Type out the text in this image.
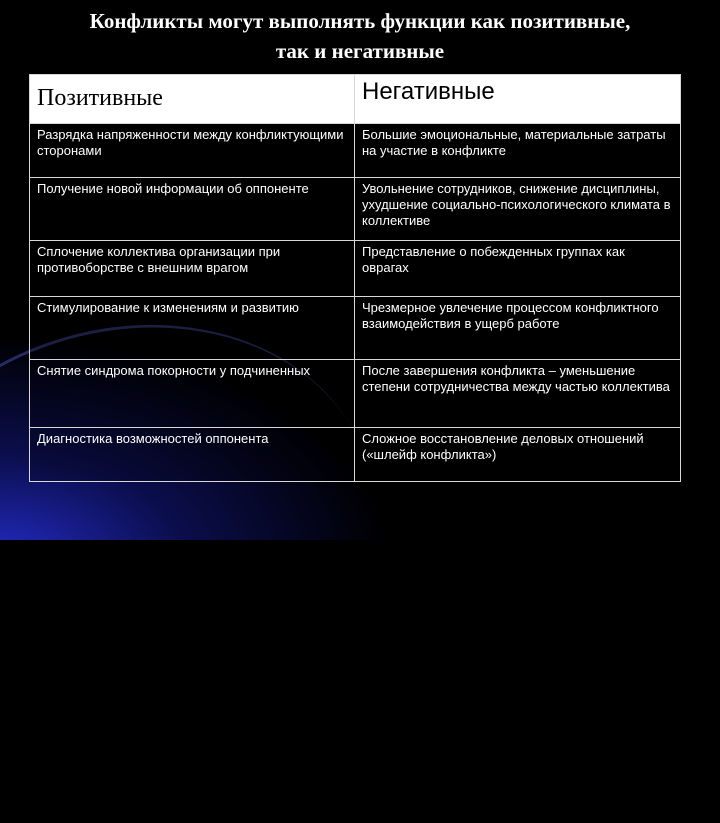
Конфликты могут выполнять функции как позитивные,
так и негативные
Позитивные	Негативные
Разрядка напряженности между конфликтующими сторонами	Большие эмоциональные, материальные затраты на участие в конфликте
Получение новой информации об оппоненте	Увольнение сотрудников, снижение дисциплины, ухудшение социально-психологического климата в коллективе
Сплочение коллектива организации при противоборстве с внешним врагом	Представление о побежденных группах как оврагах
Стимулирование к изменениям и развитию	Чрезмерное увлечение процессом конфликтного взаимодействия в ущерб работе
Снятие синдрома покорности у подчиненных	После завершения конфликта – уменьшение степени сотрудничества между частью коллектива
Диагностика возможностей оппонента	Сложное восстановление деловых отношений («шлейф конфликта»)
